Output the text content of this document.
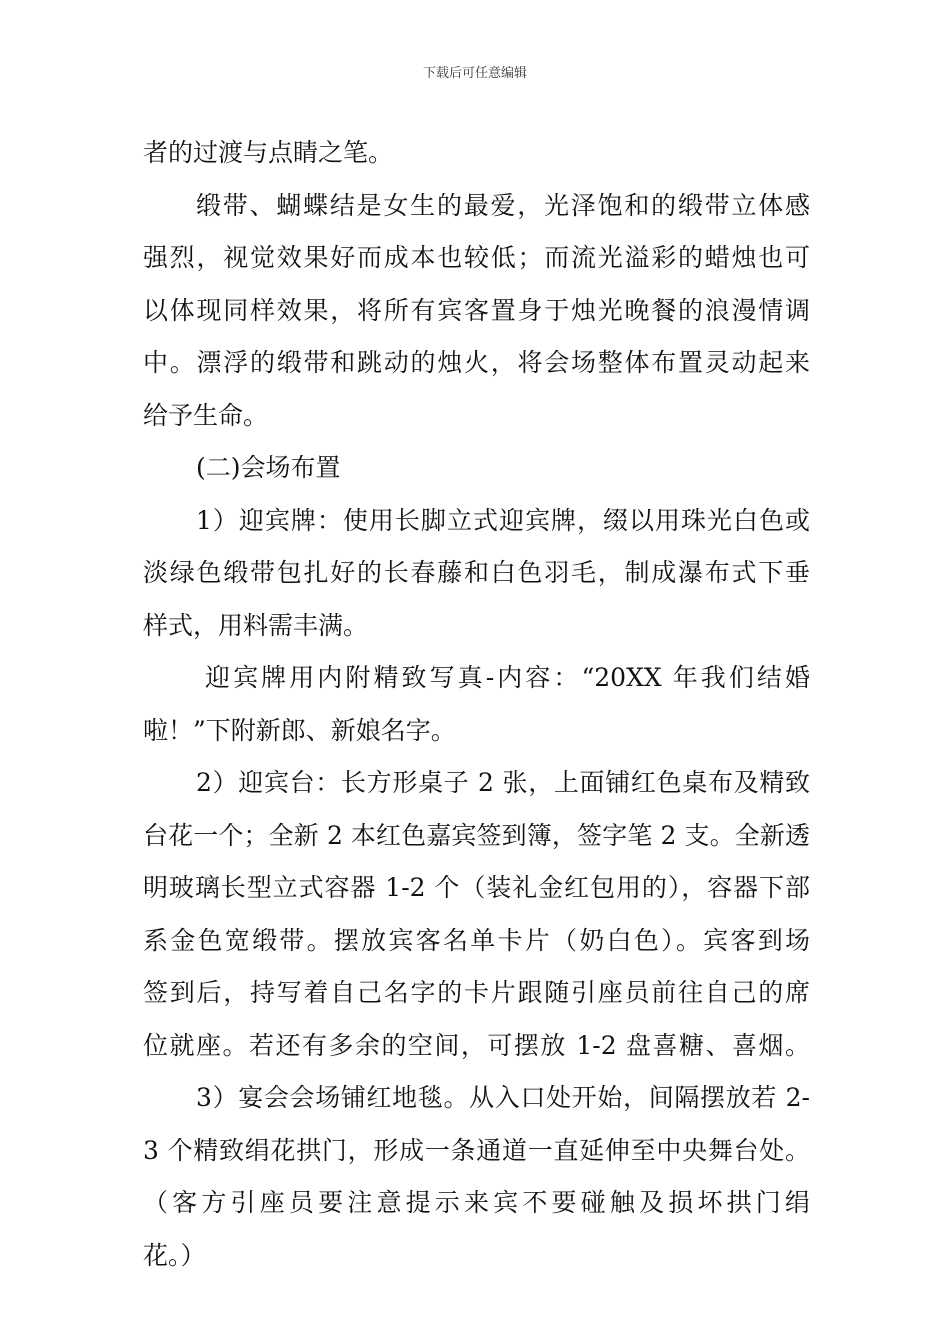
下载后可任意编辑
者的过渡与点睛之笔。
缎带、蝴蝶结是女生的最爱，光泽饱和的缎带立体感
强烈，视觉效果好而成本也较低；而流光溢彩的蜡烛也可
以体现同样效果，将所有宾客置身于烛光晚餐的浪漫情调
中。漂浮的缎带和跳动的烛火，将会场整体布置灵动起来
给予生命。
(二)会场布置
1）迎宾牌：使用长脚立式迎宾牌，缀以用珠光白色或
淡绿色缎带包扎好的长春藤和白色羽毛，制成瀑布式下垂
样式，用料需丰满。
迎宾牌用内附精致写真-内容：“20XX 年我们结婚
啦！”下附新郎、新娘名字。
2）迎宾台：长方形桌子 2 张，上面铺红色桌布及精致
台花一个；全新 2 本红色嘉宾签到簿，签字笔 2 支。全新透
明玻璃长型立式容器 1-2 个（装礼金红包用的），容器下部
系金色宽缎带。摆放宾客名单卡片（奶白色）。宾客到场
签到后，持写着自己名字的卡片跟随引座员前往自己的席
位就座。若还有多余的空间，可摆放 1-2 盘喜糖、喜烟。
3）宴会会场铺红地毯。从入口处开始，间隔摆放若 2-
3 个精致绢花拱门，形成一条通道一直延伸至中央舞台处。
（客方引座员要注意提示来宾不要碰触及损坏拱门绢
花。）
